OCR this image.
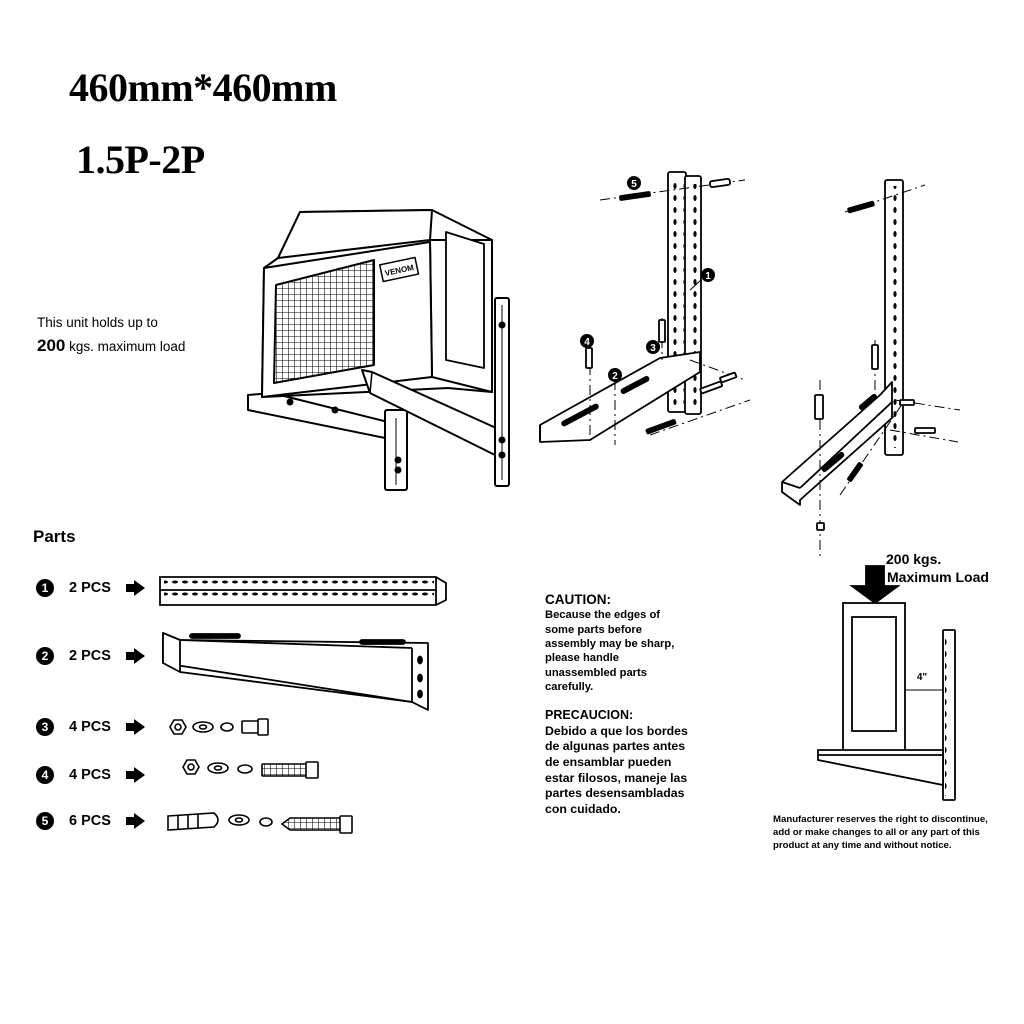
460mm*460mm
1.5P-2P
This unit holds up to
200 kgs. maximum load
VENOM	1
2
3
4
5
4"
Parts
1	2 PCS
2	2 PCS
3	4 PCS
4	4 PCS
5	6 PCS
CAUTION:
Because the edges of
some parts before
assembly may be sharp,
please handle
unassembled parts
carefully.
PRECAUCION:
Debido a que los bordes
de algunas partes antes
de ensamblar pueden
estar filosos, maneje las
partes desensambladas
con cuidado.
200 kgs.
Maximum Load
Manufacturer reserves the right to discontinue,
add or make changes to all or any part of this
product at any time and without notice.
